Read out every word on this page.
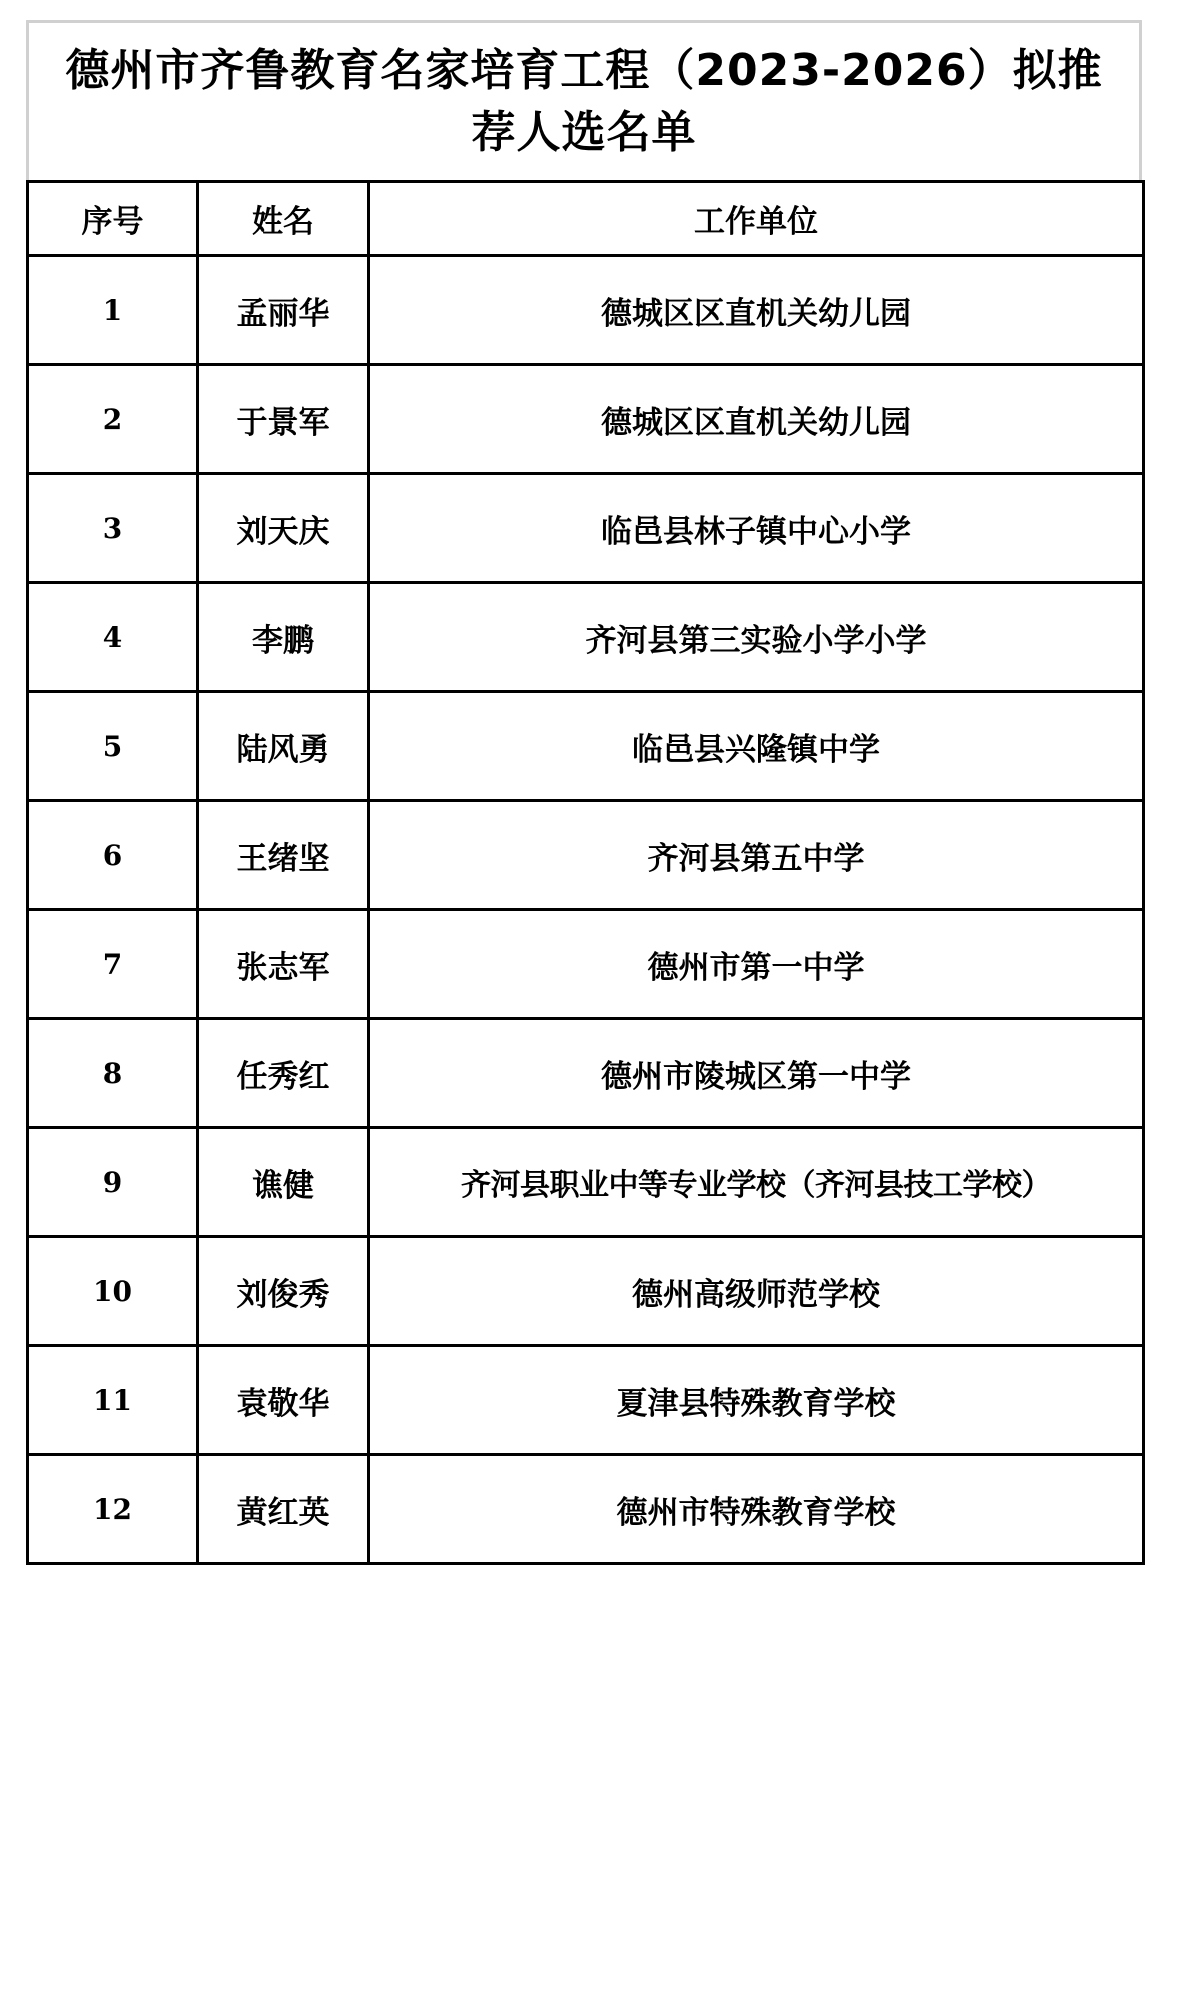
德州市齐鲁教育名家培育工程（2023-2026）拟推
荐人选名单
序号	姓名	工作单位
1	孟丽华	德城区区直机关幼儿园
2	于景军	德城区区直机关幼儿园
3	刘天庆	临邑县林子镇中心小学
4	李鹏	齐河县第三实验小学小学
5	陆风勇	临邑县兴隆镇中学
6	王绪坚	齐河县第五中学
7	张志军	德州市第一中学
8	任秀红	德州市陵城区第一中学
9	谯健	齐河县职业中等专业学校（齐河县技工学校）
10	刘俊秀	德州高级师范学校
11	袁敬华	夏津县特殊教育学校
12	黄红英	德州市特殊教育学校
